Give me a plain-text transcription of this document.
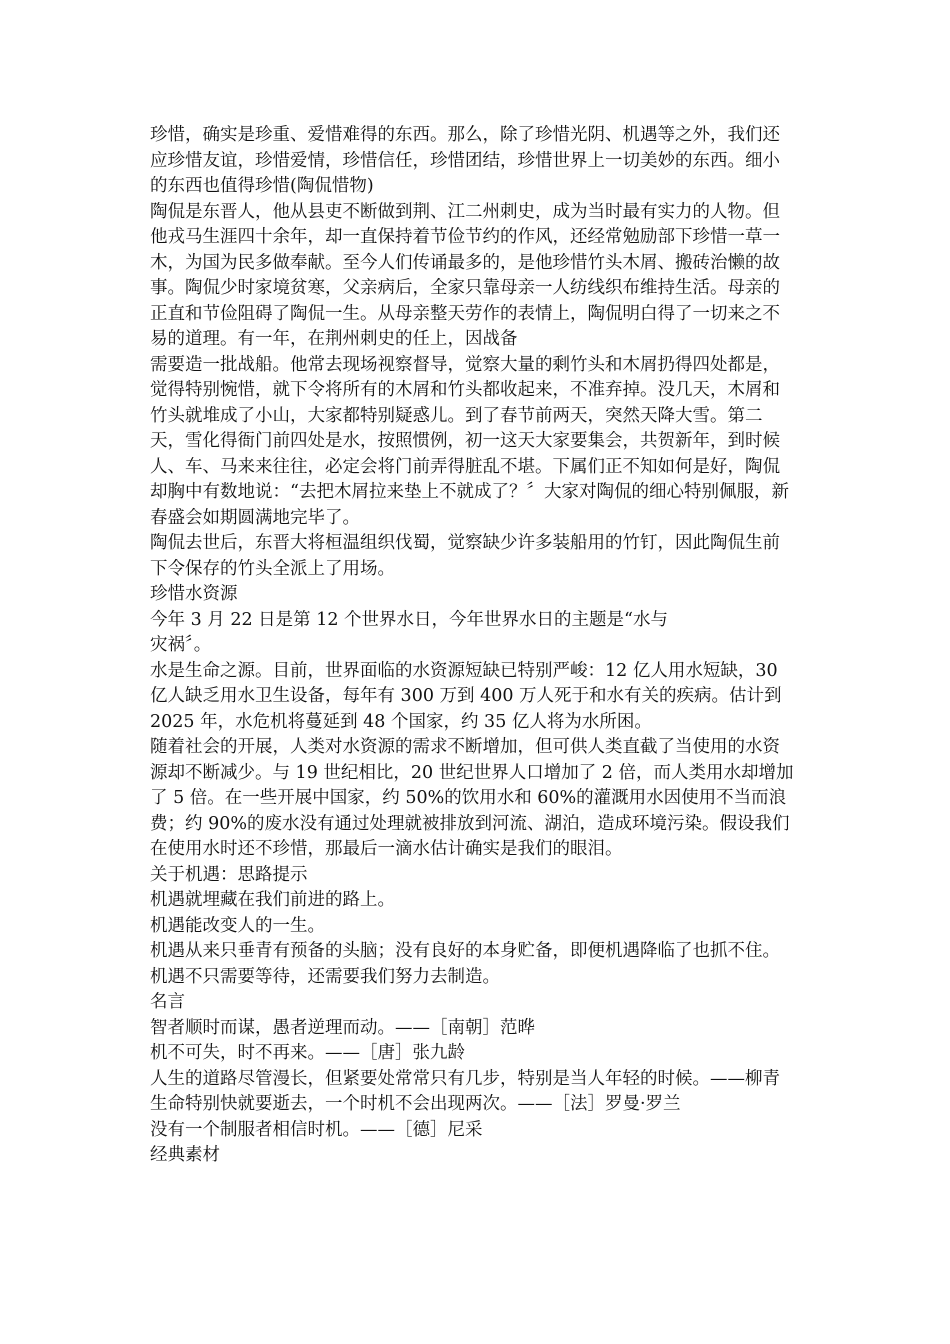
珍惜，确实是珍重、爱惜难得的东西。那么，除了珍惜光阴、机遇等之外，我们还应珍惜友谊，珍惜爱情，珍惜信任，珍惜团结，珍惜世界上一切美妙的东西。细小的东西也值得珍惜(陶侃惜物)

陶侃是东晋人，他从县吏不断做到荆、江二州刺史，成为当时最有实力的人物。但他戎马生涯四十余年，却一直保持着节俭节约的作风，还经常勉励部下珍惜一草一木，为国为民多做奉献。至今人们传诵最多的，是他珍惜竹头木屑、搬砖治懒的故事。陶侃少时家境贫寒，父亲病后，全家只靠母亲一人纺线织布维持生活。母亲的正直和节俭阻碍了陶侃一生。从母亲整天劳作的表情上，陶侃明白得了一切来之不易的道理。有一年，在荆州刺史的任上，因战备

需要造一批战船。他常去现场视察督导，觉察大量的剩竹头和木屑扔得四处都是，觉得特别惋惜，就下令将所有的木屑和竹头都收起来，不准弃掉。没几天，木屑和竹头就堆成了小山，大家都特别疑惑儿。到了春节前两天，突然天降大雪。第二天，雪化得衙门前四处是水，按照惯例，初一这天大家要集会，共贺新年，到时候人、车、马来来往往，必定会将门前弄得脏乱不堪。下属们正不知如何是好，陶侃却胸中有数地说：“去把木屑拉来垫上不就成了？〞大家对陶侃的细心特别佩服，新春盛会如期圆满地完毕了。

陶侃去世后，东晋大将桓温组织伐蜀，觉察缺少许多装船用的竹钉，因此陶侃生前下令保存的竹头全派上了用场。

珍惜水资源

今年 3 月 22 日是第 12 个世界水日，今年世界水日的主题是“水与
灾祸〞。

水是生命之源。目前，世界面临的水资源短缺已特别严峻：12 亿人用水短缺，30 亿人缺乏用水卫生设备，每年有 300 万到 400 万人死于和水有关的疾病。估计到 2025 年，水危机将蔓延到 48 个国家，约 35 亿人将为水所困。

随着社会的开展，人类对水资源的需求不断增加，但可供人类直截了当使用的水资源却不断减少。与 19 世纪相比，20 世纪世界人口增加了 2 倍，而人类用水却增加了 5 倍。在一些开展中国家，约 50%的饮用水和 60%的灌溉用水因使用不当而浪费；约 90%的废水没有通过处理就被排放到河流、湖泊，造成环境污染。假设我们在使用水时还不珍惜，那最后一滴水估计确实是我们的眼泪。

关于机遇：思路提示

机遇就埋藏在我们前进的路上。

机遇能改变人的一生。

机遇从来只垂青有预备的头脑；没有良好的本身贮备，即便机遇降临了也抓不住。机遇不只需要等待，还需要我们努力去制造。

名言

智者顺时而谋，愚者逆理而动。——［南朝］范晔

机不可失，时不再来。——［唐］张九龄

人生的道路尽管漫长，但紧要处常常只有几步，特别是当人年轻的时候。——柳青生命特别快就要逝去，一个时机不会出现两次。——［法］罗曼·罗兰

没有一个制服者相信时机。——［德］尼采

经典素材
